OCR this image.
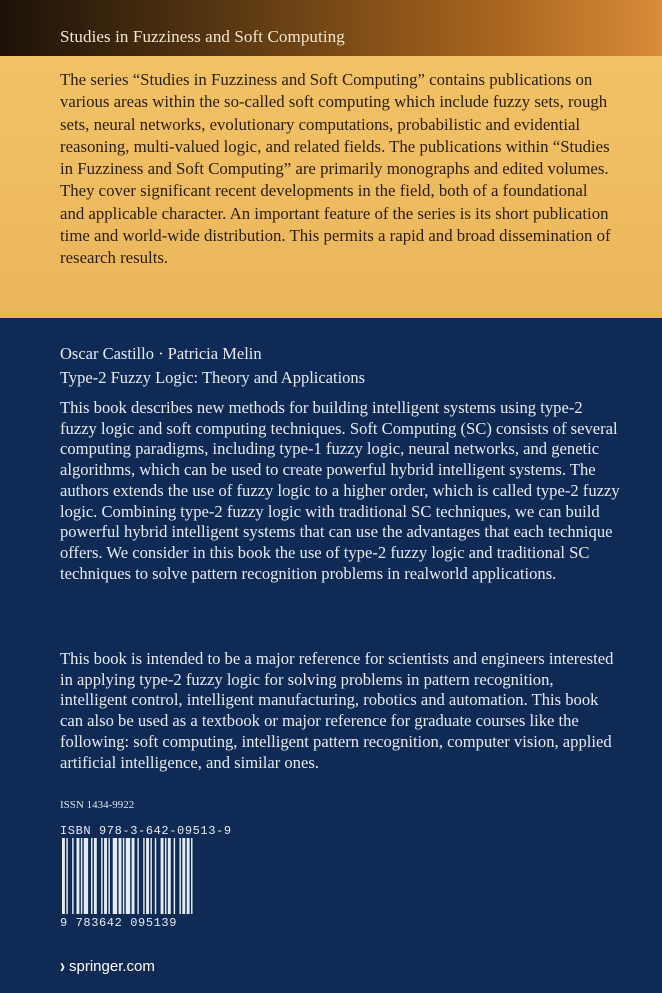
Studies in Fuzziness and Soft Computing

The series “Studies in Fuzziness and Soft Computing” contains publications on various areas within the so-called soft computing which include fuzzy sets, rough sets, neural networks, evolutionary computations, probabilistic and evidential reasoning, multi-valued logic, and related fields. The publications within “Studies in Fuzziness and Soft Computing” are primarily monographs and edited volumes. They cover significant recent developments in the field, both of a foundational and applicable character. An important feature of the series is its short publication time and world-wide distribution. This permits a rapid and broad dissemination of research results.

Oscar Castillo · Patricia Melin
Type-2 Fuzzy Logic: Theory and Applications

This book describes new methods for building intelligent systems using type-2 fuzzy logic and soft computing techniques. Soft Computing (SC) consists of several computing paradigms, including type-1 fuzzy logic, neural networks, and genetic algorithms, which can be used to create powerful hybrid intelligent systems. The authors extends the use of fuzzy logic to a higher order, which is called type-2 fuzzy logic. Combining type-2 fuzzy logic with traditional SC techniques, we can build powerful hybrid intelligent systems that can use the advantages that each technique offers. We consider in this book the use of type-2 fuzzy logic and traditional SC techniques to solve pattern recognition problems in realworld applications.

This book is intended to be a major reference for scientists and engineers interested in applying type-2 fuzzy logic for solving problems in pattern recognition, intelligent control, intelligent manufacturing, robotics and automation. This book can also be used as a textbook or major reference for graduate courses like the following: soft computing, intelligent pattern recognition, computer vision, applied artificial intelligence, and similar ones.

ISSN 1434-9922
ISBN 978-3-642-09513-9
9 783642 095139
› springer.com
